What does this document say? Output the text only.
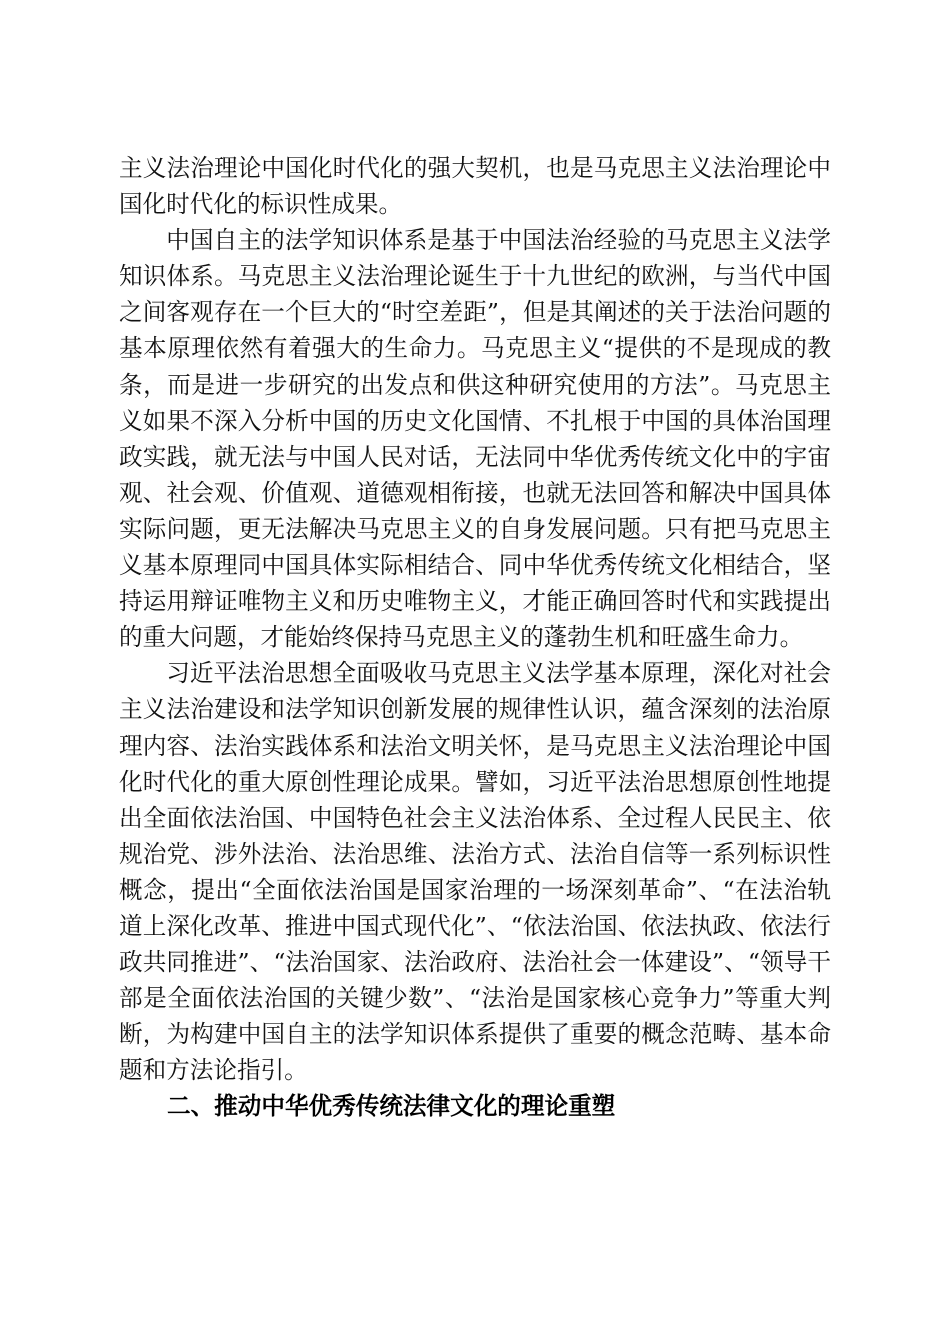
主义法治理论中国化时代化的强大契机，也是马克思主义法治理论中国化时代化的标识性成果。

中国自主的法学知识体系是基于中国法治经验的马克思主义法学知识体系。马克思主义法治理论诞生于十九世纪的欧洲，与当代中国之间客观存在一个巨大的“时空差距”，但是其阐述的关于法治问题的基本原理依然有着强大的生命力。马克思主义“提供的不是现成的教条，而是进一步研究的出发点和供这种研究使用的方法”。马克思主义如果不深入分析中国的历史文化国情、不扎根于中国的具体治国理政实践，就无法与中国人民对话，无法同中华优秀传统文化中的宇宙观、社会观、价值观、道德观相衔接，也就无法回答和解决中国具体实际问题，更无法解决马克思主义的自身发展问题。只有把马克思主义基本原理同中国具体实际相结合、同中华优秀传统文化相结合，坚持运用辩证唯物主义和历史唯物主义，才能正确回答时代和实践提出的重大问题，才能始终保持马克思主义的蓬勃生机和旺盛生命力。

习近平法治思想全面吸收马克思主义法学基本原理，深化对社会主义法治建设和法学知识创新发展的规律性认识，蕴含深刻的法治原理内容、法治实践体系和法治文明关怀，是马克思主义法治理论中国化时代化的重大原创性理论成果。譬如，习近平法治思想原创性地提出全面依法治国、中国特色社会主义法治体系、全过程人民民主、依规治党、涉外法治、法治思维、法治方式、法治自信等一系列标识性概念，提出“全面依法治国是国家治理的一场深刻革命”、“在法治轨道上深化改革、推进中国式现代化”、“依法治国、依法执政、依法行政共同推进”、“法治国家、法治政府、法治社会一体建设”、“领导干部是全面依法治国的关键少数”、“法治是国家核心竞争力”等重大判断，为构建中国自主的法学知识体系提供了重要的概念范畴、基本命题和方法论指引。

二、推动中华优秀传统法律文化的理论重塑
